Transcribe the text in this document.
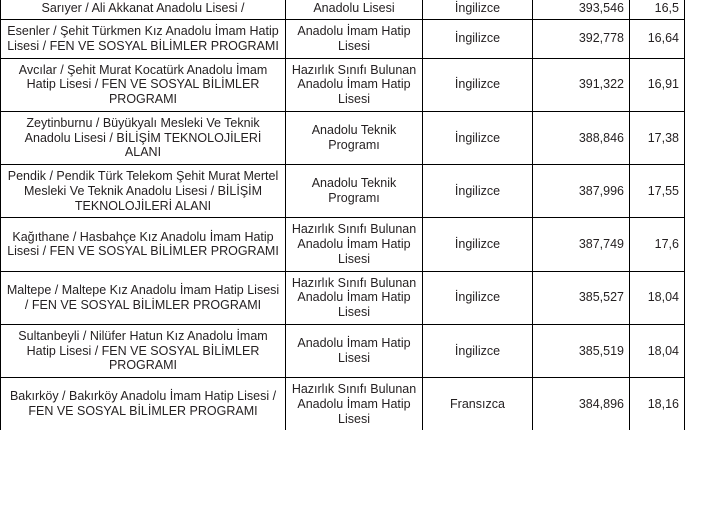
Sarıyer / Ali Akkanat Anadolu Lisesi /	Anadolu Lisesi	İngilizce	393,546	16,5
Esenler / Şehit Türkmen Kız Anadolu İmam Hatip Lisesi / FEN VE SOSYAL BİLİMLER PROGRAMI	Anadolu İmam Hatip Lisesi	İngilizce	392,778	16,64
Avcılar / Şehit Murat Kocatürk Anadolu İmam Hatip Lisesi / FEN VE SOSYAL BİLİMLER PROGRAMI	Hazırlık Sınıfı Bulunan Anadolu İmam Hatip Lisesi	İngilizce	391,322	16,91
Zeytinburnu / Büyükyalı Mesleki Ve Teknik Anadolu Lisesi / BİLİŞİM TEKNOLOJİLERİ ALANI	Anadolu Teknik Programı	İngilizce	388,846	17,38
Pendik / Pendik Türk Telekom Şehit Murat Mertel Mesleki Ve Teknik Anadolu Lisesi / BİLİŞİM TEKNOLOJİLERİ ALANI	Anadolu Teknik Programı	İngilizce	387,996	17,55
Kağıthane / Hasbahçe Kız Anadolu İmam Hatip Lisesi / FEN VE SOSYAL BİLİMLER PROGRAMI	Hazırlık Sınıfı Bulunan Anadolu İmam Hatip Lisesi	İngilizce	387,749	17,6
Maltepe / Maltepe Kız Anadolu İmam Hatip Lisesi / FEN VE SOSYAL BİLİMLER PROGRAMI	Hazırlık Sınıfı Bulunan Anadolu İmam Hatip Lisesi	İngilizce	385,527	18,04
Sultanbeyli / Nilüfer Hatun Kız Anadolu İmam Hatip Lisesi / FEN VE SOSYAL BİLİMLER PROGRAMI	Anadolu İmam Hatip Lisesi	İngilizce	385,519	18,04
Bakırköy / Bakırköy Anadolu İmam Hatip Lisesi / FEN VE SOSYAL BİLİMLER PROGRAMI	Hazırlık Sınıfı Bulunan Anadolu İmam Hatip Lisesi	Fransızca	384,896	18,16
